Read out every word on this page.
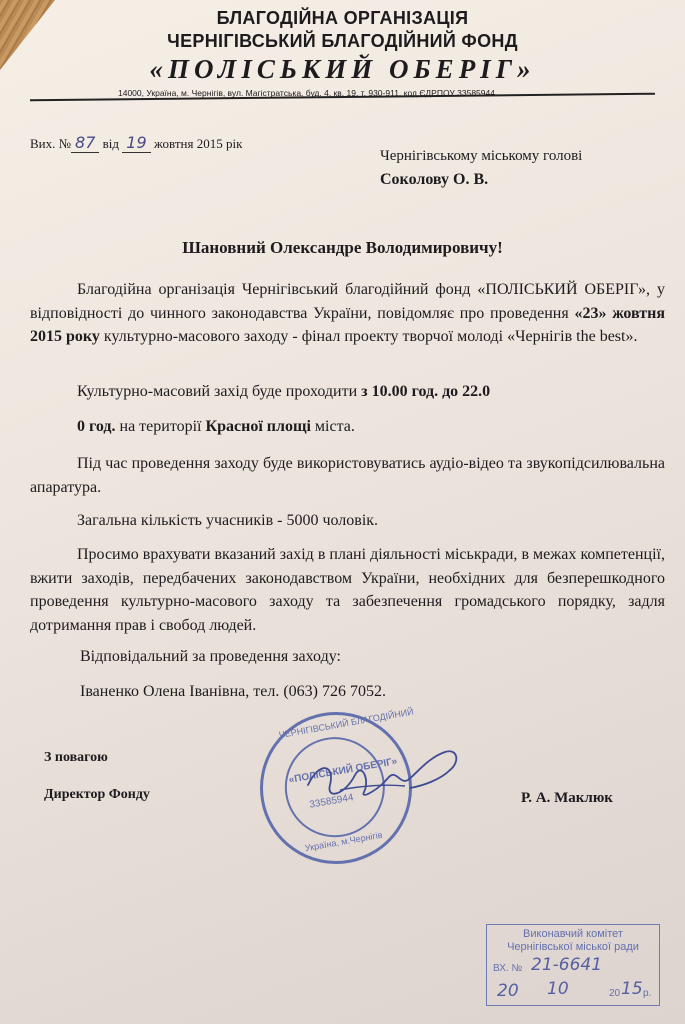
БЛАГОДІЙНА ОРГАНІЗАЦІЯ
ЧЕРНІГІВСЬКИЙ БЛАГОДІЙНИЙ ФОНД
«ПОЛІСЬКИЙ ОБЕРІГ»
14000, Україна, м. Чернігів, вул. Магістратська, буд. 4, кв. 19, т. 930-911, код ЄДРПОУ 33585944
Вих. № 87 від 19 жовтня 2015 рік
Чернігівському міському голові
Соколову О. В.
Шановний Олександре Володимировичу!
Благодійна організація Чернігівський благодійний фонд «ПОЛІСЬКИЙ ОБЕРІГ», у відповідності до чинного законодавства України, повідомляє про проведення «23» жовтня 2015 року культурно-масового заходу - фінал проекту творчої молоді «Чернігів the best».
Культурно-масовий захід буде проходити з 10.00 год. до 22.0
0 год. на території Красної площі міста.
Під час проведення заходу буде використовуватись аудіо-відео та звукопідсилювальна апаратура.
Загальна кількість учасників - 5000 чоловік.
Просимо врахувати вказаний захід в плані діяльності міськради, в межах компетенції, вжити заходів, передбачених законодавством України, необхідних для безперешкодного проведення культурно-масового заходу та забезпечення громадського порядку, задля дотримання прав і свобод людей.
Відповідальний за проведення заходу:
Іваненко Олена Іванівна, тел. (063) 726 7052.
З повагою
Директор Фонду	Р. А. Маклюк
ЧЕРНІГІВСЬКИЙ БЛАГОДІЙНИЙ
«ПОЛІСЬКИЙ ОБЕРІГ»
33585944
Україна, м.Чернігів
Виконавчий комітет
Чернігівської міської ради
ВХ. № 21-6641
20 10	20 15 р.
